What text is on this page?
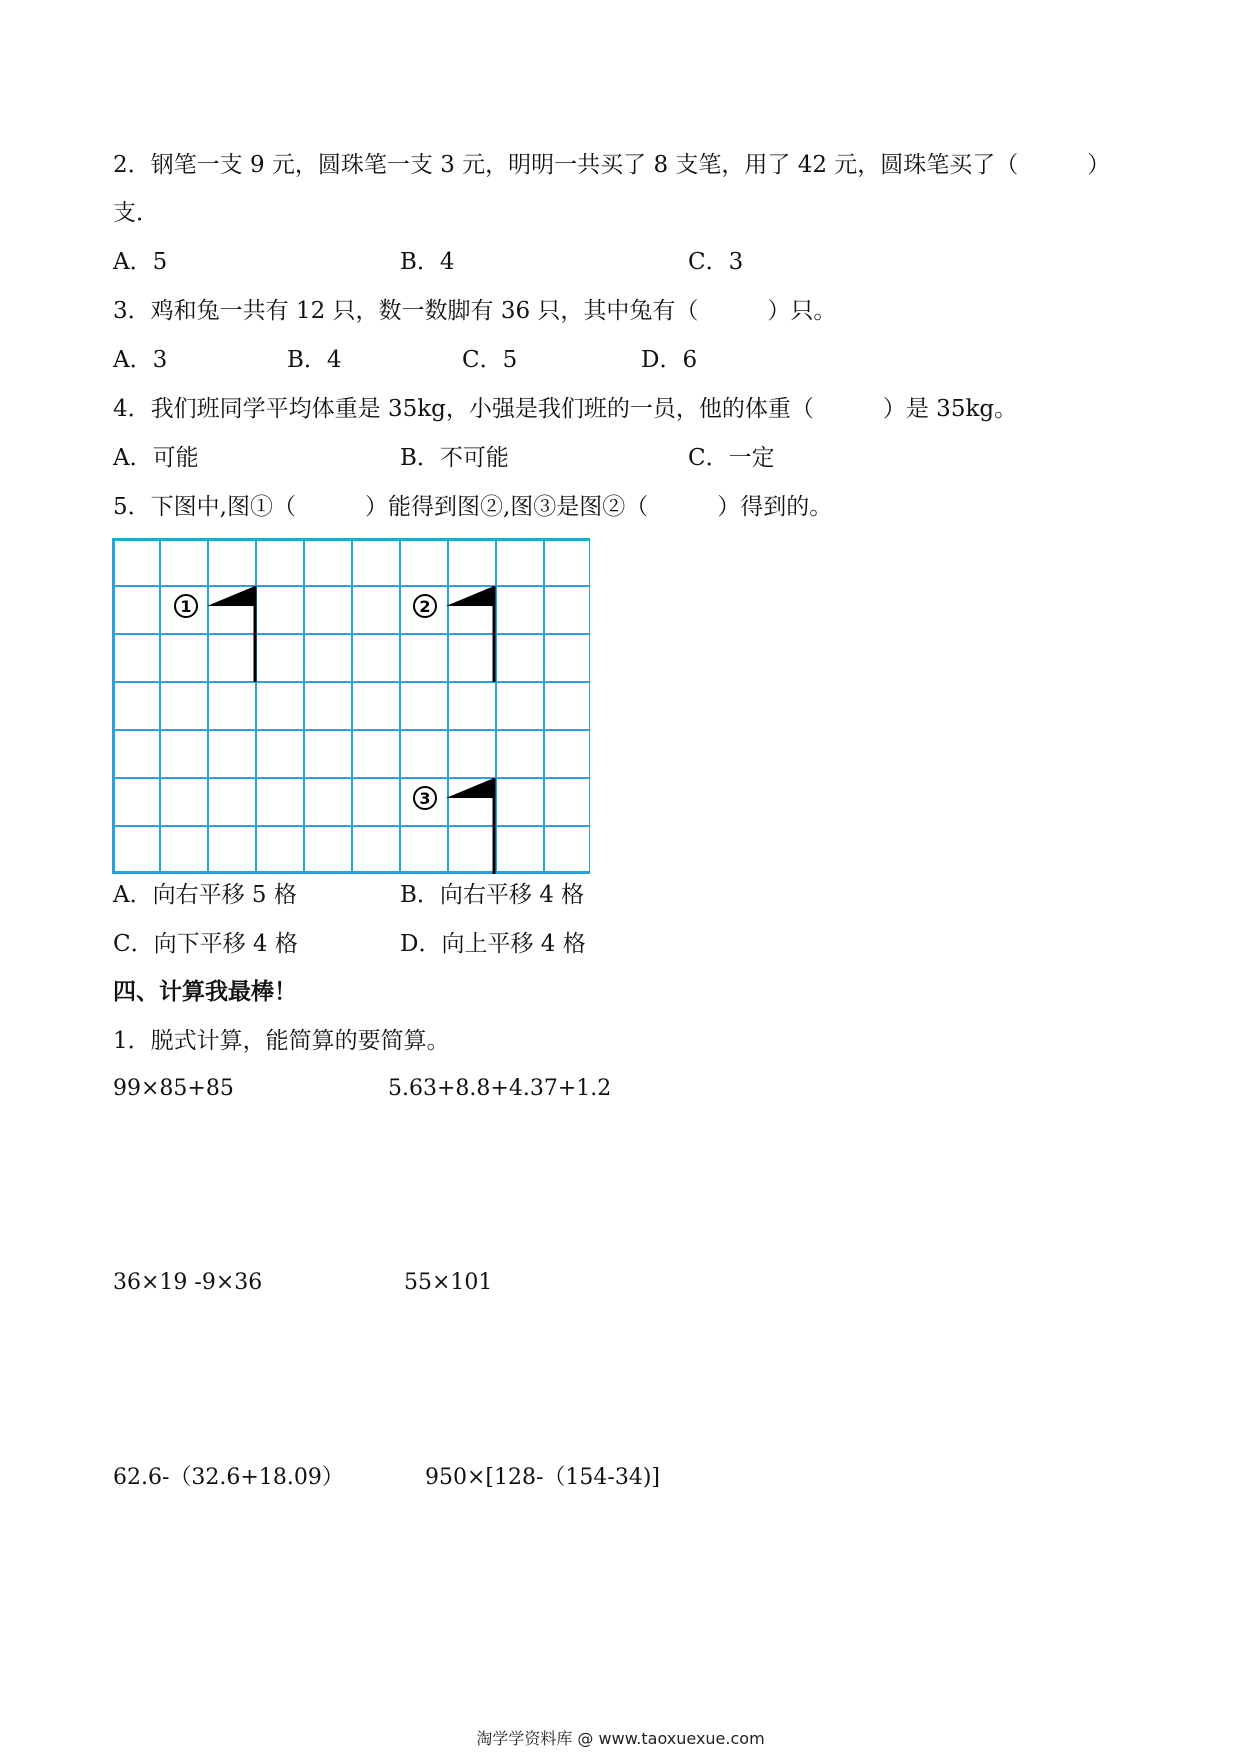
2．钢笔一支 9 元，圆珠笔一支 3 元，明明一共买了 8 支笔，用了 42 元，圆珠笔买了（　　　）
支．
A．5	B．4	C．3
3．鸡和兔一共有 12 只，数一数脚有 36 只，其中兔有（　　　）只。
A．3	B．4	C．5	D．6
4．我们班同学平均体重是 35kg，小强是我们班的一员，他的体重（　　　）是 35kg。
A．可能	B．不可能	C．一定
5．下图中,图①（　　　）能得到图②,图③是图②（　　　）得到的。
1	2
3
A．向右平移 5 格	B．向右平移 4 格
C．向下平移 4 格	D．向上平移 4 格
四、计算我最棒！
1．脱式计算，能简算的要简算。
99×85+85	5.63+8.8+4.37+1.2
36×19 -9×36	55×101
62.6-（32.6+18.09）	950×[128-（154-34)]
淘学学资料库 @ www.taoxuexue.com
